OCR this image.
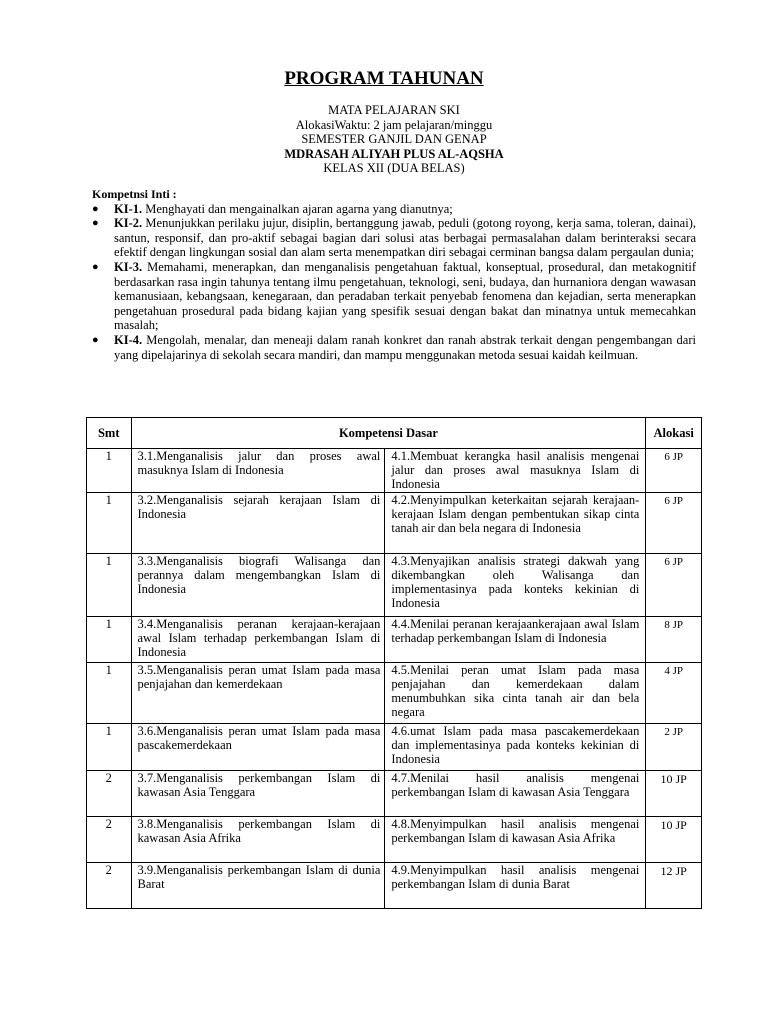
PROGRAM TAHUNAN
MATA PELAJARAN SKI
AlokasiWaktu: 2 jam pelajaran/minggu
SEMESTER GANJIL DAN GENAP
MDRASAH ALIYAH PLUS AL-AQSHA
KELAS XII (DUA BELAS)
Kompetnsi Inti :
● KI-1. Menghayati dan mengainalkan ajaran agarna yang dianutnya;
● KI-2. Menunjukkan perilaku jujur, disiplin, bertanggung jawab, peduli (gotong royong, kerja sama, toleran, dainai), santun, responsif, dan pro-aktif sebagai bagian dari solusi atas berbagai permasalahan dalam berinteraksi secara efektif dengan lingkungan sosial dan alam serta menempatkan diri sebagai cerminan bangsa dalam pergaulan dunia;
● KI-3. Memahami, menerapkan, dan menganalisis pengetahuan faktual, konseptual, prosedural, dan metakognitif berdasarkan rasa ingin tahunya tentang ilmu pengetahuan, teknologi, seni, budaya, dan hurnaniora dengan wawasan kemanusiaan, kebangsaan, kenegaraan, dan peradaban terkait penyebab fenomena dan kejadian, serta menerapkan pengetahuan prosedural pada bidang kajian yang spesifik sesuai dengan bakat dan minatnya untuk memecahkan masalah;
● KI-4. Mengolah, menalar, dan meneaji dalam ranah konkret dan ranah abstrak terkait dengan pengembangan dari yang dipelajarinya di sekolah secara mandiri, dan mampu menggunakan metoda sesuai kaidah keilmuan.
Smt	Kompetensi Dasar		Alokasi
1	3.1.Menganalisis jalur dan proses awal masuknya Islam di Indonesia	4.1.Membuat kerangka hasil analisis mengenai jalur dan proses awal masuknya Islam di Indonesia	6 JP
1	3.2.Menganalisis sejarah kerajaan Islam di Indonesia	4.2.Menyimpulkan keterkaitan sejarah kerajaan-kerajaan Islam dengan pembentukan sikap cinta tanah air dan bela negara di Indonesia	6 JP
1	3.3.Menganalisis biografi Walisanga dan perannya dalam mengembangkan Islam di Indonesia	4.3.Menyajikan analisis strategi dakwah yang dikembangkan oleh Walisanga dan implementasinya pada konteks kekinian di Indonesia	6 JP
1	3.4.Menganalisis peranan kerajaan-kerajaan awal Islam terhadap perkembangan Islam di Indonesia	4.4.Menilai peranan kerajaankerajaan awal Islam terhadap perkembangan Islam di Indonesia	8 JP
1	3.5.Menganalisis peran umat Islam pada masa penjajahan dan kemerdekaan	4.5.Menilai peran umat Islam pada masa penjajahan dan kemerdekaan dalam menumbuhkan sika cinta tanah air dan bela negara	4 JP
1	3.6.Menganalisis peran umat Islam pada masa pascakemerdekaan	4.6.umat Islam pada masa pascakemerdekaan dan implementasinya pada konteks kekinian di Indonesia	2 JP
2	3.7.Menganalisis perkembangan Islam di kawasan Asia Tenggara	4.7.Menilai hasil analisis mengenai perkembangan Islam di kawasan Asia Tenggara	10 JP
2	3.8.Menganalisis perkembangan Islam di kawasan Asia Afrika	4.8.Menyimpulkan hasil analisis mengenai perkembangan Islam di kawasan Asia Afrika	10 JP
2	3.9.Menganalisis perkembangan Islam di dunia Barat	4.9.Menyimpulkan hasil analisis mengenai perkembangan Islam di dunia Barat	12 JP
